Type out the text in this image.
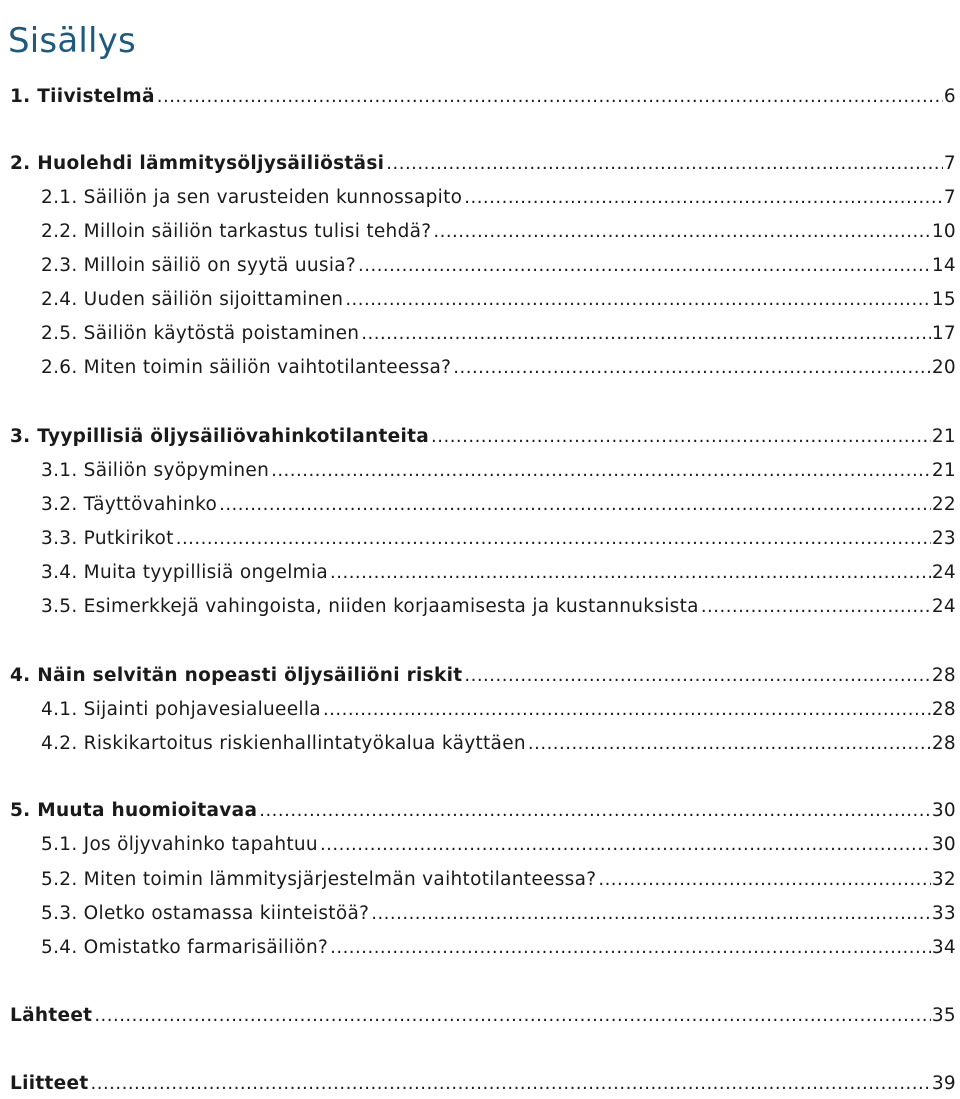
Sisällys
1. Tiivistelmä .....	6
2. Huolehdi lämmitysöljysäiliöstäsi .....	7
2.1. Säiliön ja sen varusteiden kunnossapito .....	7
2.2. Milloin säiliön tarkastus tulisi tehdä? .....	10
2.3. Milloin säiliö on syytä uusia? .....	14
2.4. Uuden säiliön sijoittaminen .....	15
2.5. Säiliön käytöstä poistaminen .....	17
2.6. Miten toimin säiliön vaihtotilanteessa? .....	20
3. Tyypillisiä öljysäiliövahinkotilanteita .....	21
3.1. Säiliön syöpyminen .....	21
3.2. Täyttövahinko .....	22
3.3. Putkirikot .....	23
3.4. Muita tyypillisiä ongelmia .....	24
3.5. Esimerkkejä vahingoista, niiden korjaamisesta ja kustannuksista .....	24
4. Näin selvitän nopeasti öljysäiliöni riskit .....	28
4.1. Sijainti pohjavesialueella .....	28
4.2. Riskikartoitus riskienhallintatyökalua käyttäen .....	28
5. Muuta huomioitavaa .....	30
5.1. Jos öljyvahinko tapahtuu .....	30
5.2. Miten toimin lämmitysjärjestelmän vaihtotilanteessa? .....	32
5.3. Oletko ostamassa kiinteistöä? .....	33
5.4. Omistatko farmarisäiliön? .....	34
Lähteet .....	35
Liitteet .....	39
